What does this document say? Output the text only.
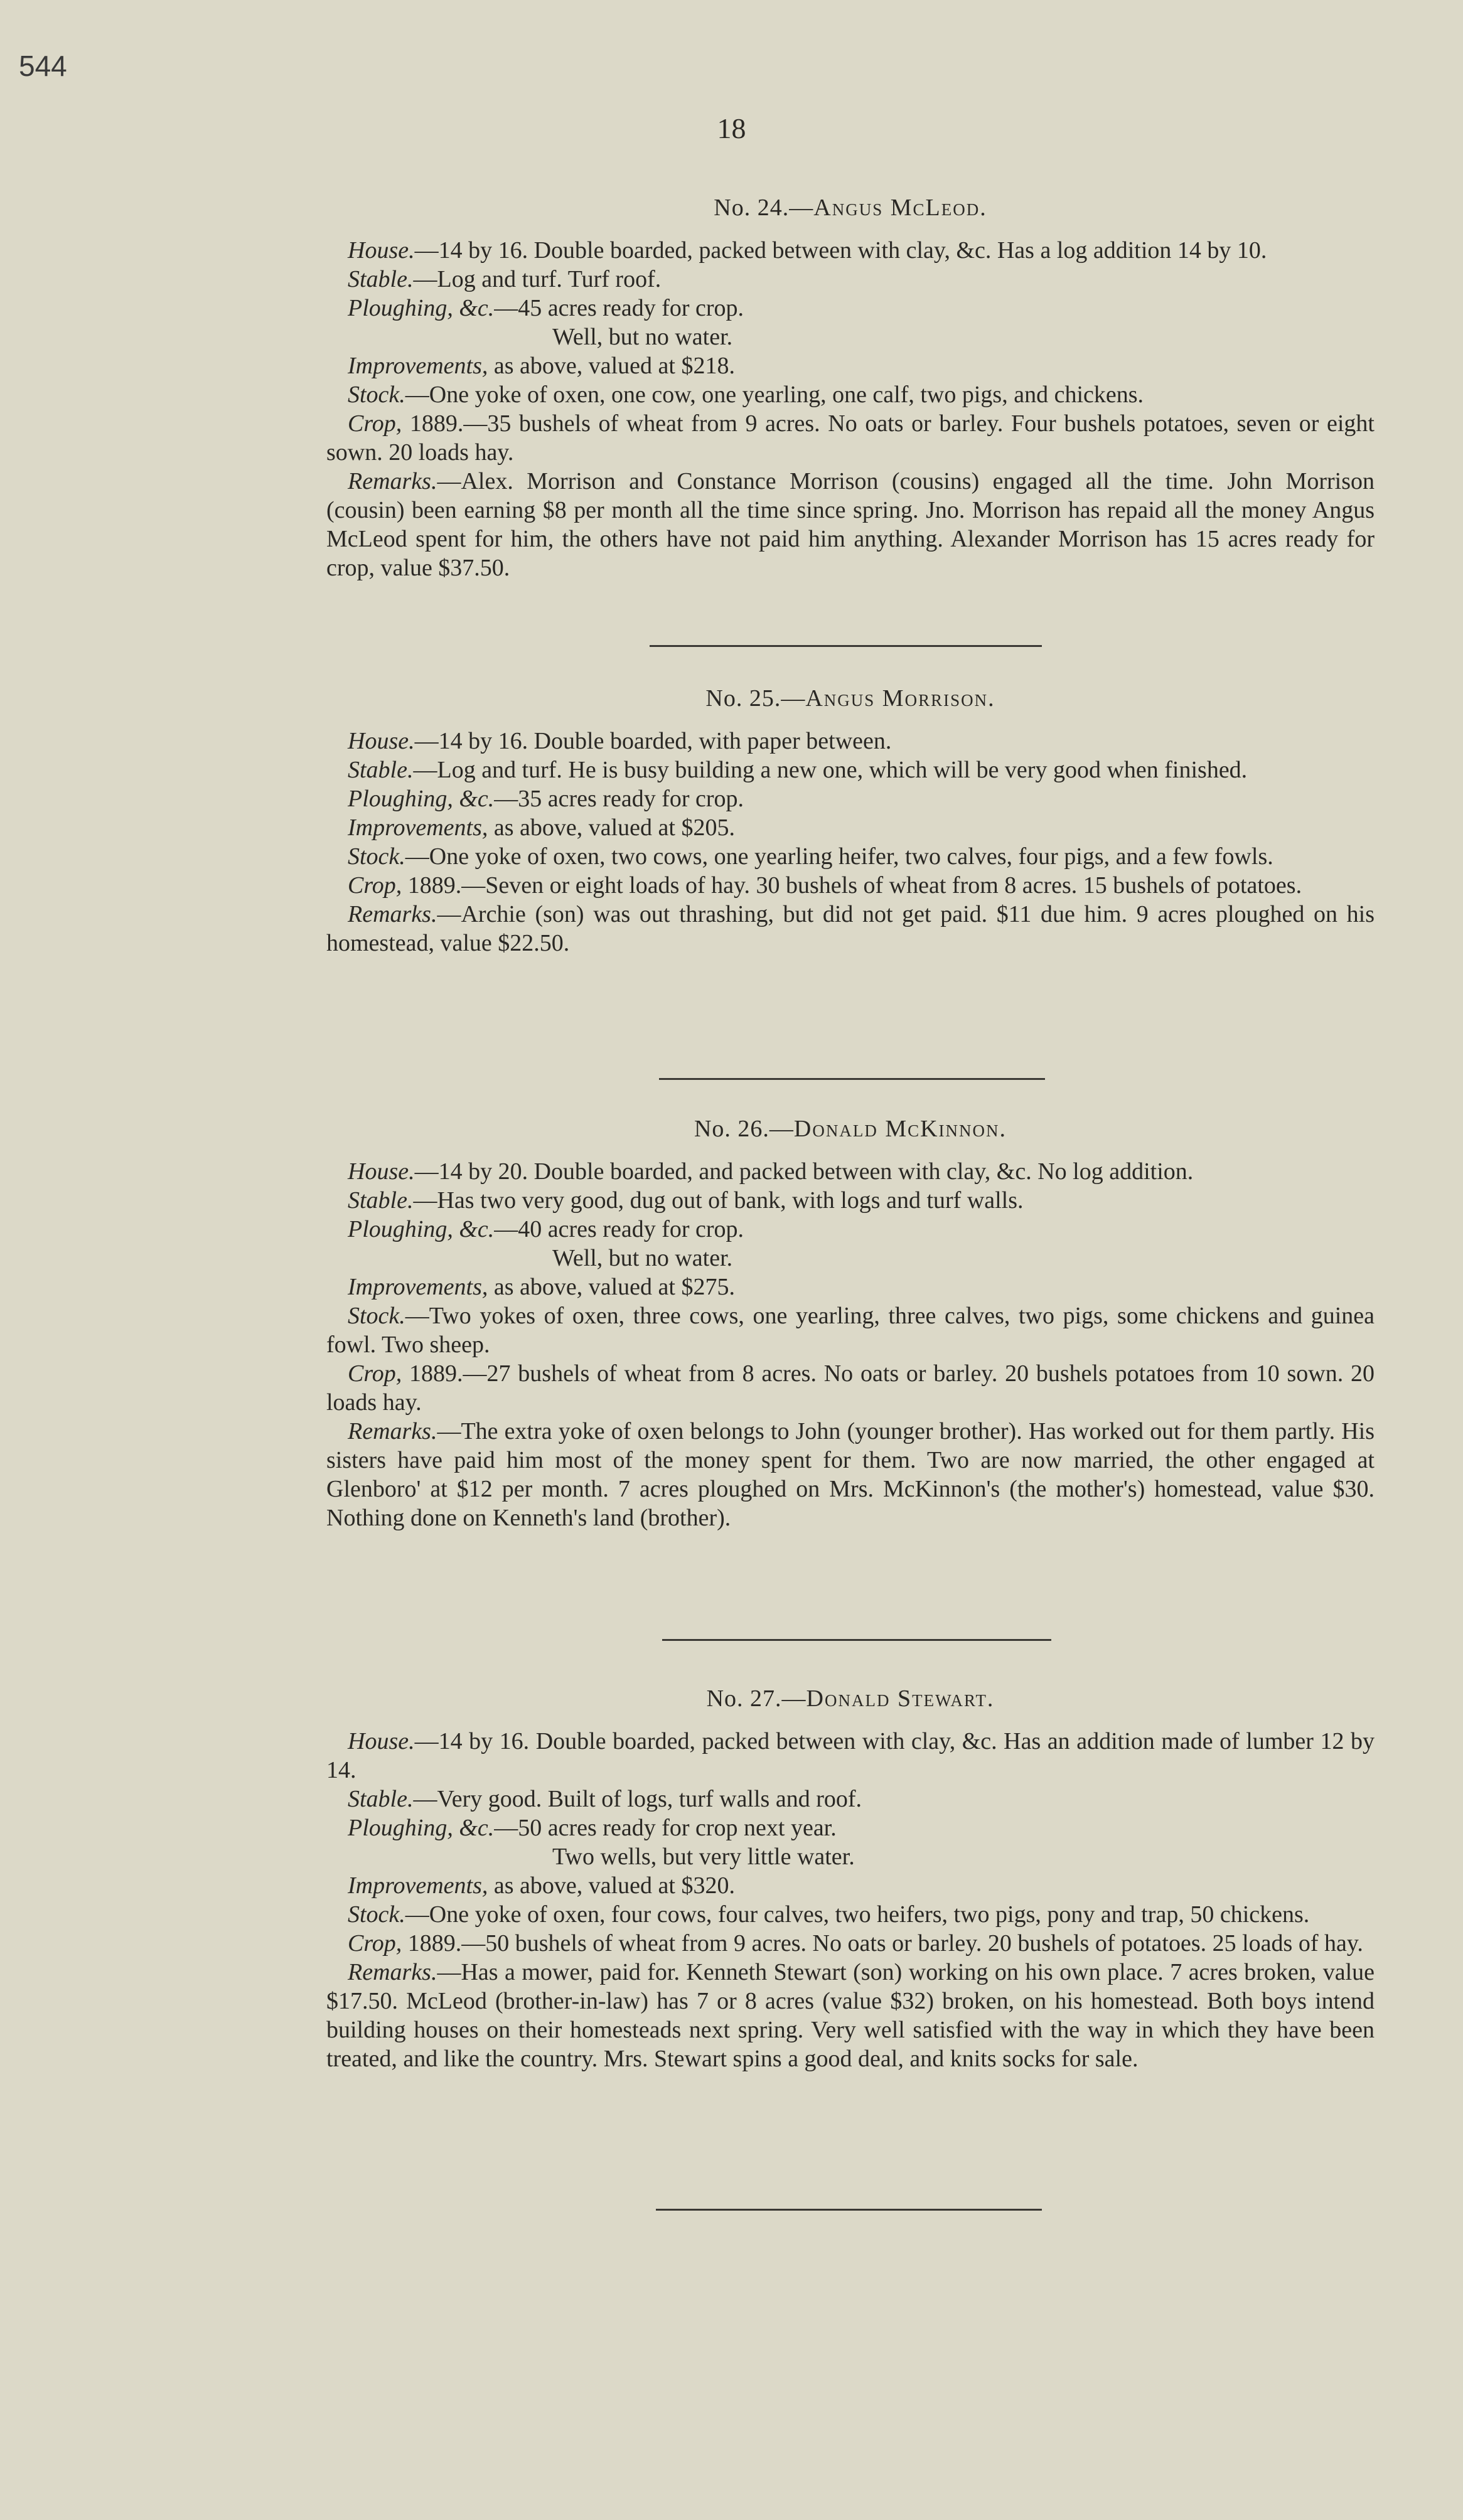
544
18
No. 24.—Angus McLeod.

House.—14 by 16. Double boarded, packed between with clay, &c. Has a log addition 14 by 10.

Stable.—Log and turf. Turf roof.

Ploughing, &c.—45 acres ready for crop.

Well, but no water.

Improvements, as above, valued at $218.

Stock.—One yoke of oxen, one cow, one yearling, one calf, two pigs, and chickens.

Crop, 1889.—35 bushels of wheat from 9 acres. No oats or barley. Four bushels potatoes, seven or eight sown. 20 loads hay.

Remarks.—Alex. Morrison and Constance Morrison (cousins) engaged all the time. John Morrison (cousin) been earning $8 per month all the time since spring. Jno. Morrison has repaid all the money Angus McLeod spent for him, the others have not paid him anything. Alexander Morrison has 15 acres ready for crop, value $37.50.

No. 25.—Angus Morrison.

House.—14 by 16. Double boarded, with paper between.

Stable.—Log and turf. He is busy building a new one, which will be very good when finished.

Ploughing, &c.—35 acres ready for crop.

Improvements, as above, valued at $205.

Stock.—One yoke of oxen, two cows, one yearling heifer, two calves, four pigs, and a few fowls.

Crop, 1889.—Seven or eight loads of hay. 30 bushels of wheat from 8 acres. 15 bushels of potatoes.

Remarks.—Archie (son) was out thrashing, but did not get paid. $11 due him. 9 acres ploughed on his homestead, value $22.50.

No. 26.—Donald McKinnon.

House.—14 by 20. Double boarded, and packed between with clay, &c. No log addition.

Stable.—Has two very good, dug out of bank, with logs and turf walls.

Ploughing, &c.—40 acres ready for crop.

Well, but no water.

Improvements, as above, valued at $275.

Stock.—Two yokes of oxen, three cows, one yearling, three calves, two pigs, some chickens and guinea fowl. Two sheep.

Crop, 1889.—27 bushels of wheat from 8 acres. No oats or barley. 20 bushels potatoes from 10 sown. 20 loads hay.

Remarks.—The extra yoke of oxen belongs to John (younger brother). Has worked out for them partly. His sisters have paid him most of the money spent for them. Two are now married, the other engaged at Glenboro' at $12 per month. 7 acres ploughed on Mrs. McKinnon's (the mother's) homestead, value $30. Nothing done on Kenneth's land (brother).

No. 27.—Donald Stewart.

House.—14 by 16. Double boarded, packed between with clay, &c. Has an addition made of lumber 12 by 14.

Stable.—Very good. Built of logs, turf walls and roof.

Ploughing, &c.—50 acres ready for crop next year.

Two wells, but very little water.

Improvements, as above, valued at $320.

Stock.—One yoke of oxen, four cows, four calves, two heifers, two pigs, pony and trap, 50 chickens.

Crop, 1889.—50 bushels of wheat from 9 acres. No oats or barley. 20 bushels of potatoes. 25 loads of hay.

Remarks.—Has a mower, paid for. Kenneth Stewart (son) working on his own place. 7 acres broken, value $17.50. McLeod (brother-in-law) has 7 or 8 acres (value $32) broken, on his homestead. Both boys intend building houses on their homesteads next spring. Very well satisfied with the way in which they have been treated, and like the country. Mrs. Stewart spins a good deal, and knits socks for sale.
